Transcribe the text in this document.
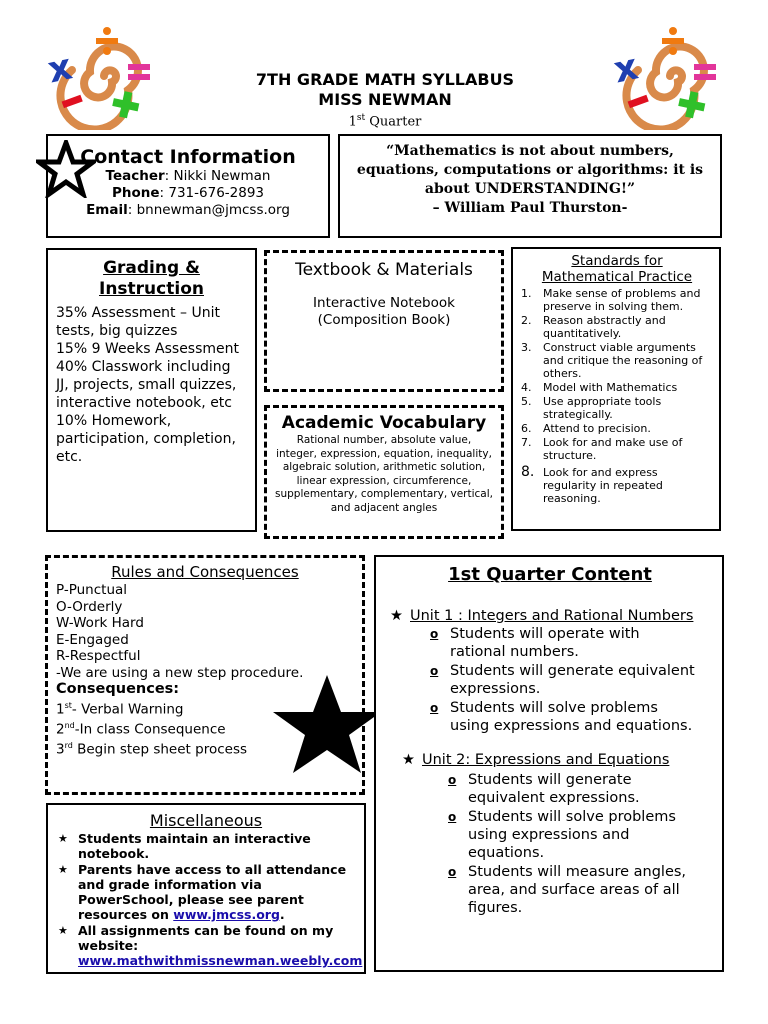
x	x
7TH GRADE MATH SYLLABUS
MISS NEWMAN
1st Quarter
Contact Information
Teacher: Nikki Newman
Phone: 731-676-2893
Email: bnnewman@jmcss.org
“Mathematics is not about numbers, equations, computations or algorithms: it is about UNDERSTANDING!”
– William Paul Thurston-
Grading & Instruction
35% Assessment – Unit tests, big quizzes
15% 9 Weeks Assessment
40% Classwork including JJ, projects, small quizzes, interactive notebook, etc
10% Homework, participation, completion, etc.
Textbook & Materials
Interactive Notebook
(Composition Book)
Academic Vocabulary
Rational number, absolute value, integer, expression, equation, inequality, algebraic solution, arithmetic solution, linear expression, circumference, supplementary, complementary, vertical, and adjacent angles
Standards for
Mathematical Practice
1. Make sense of problems and preserve in solving them.
2. Reason abstractly and quantitatively.
3. Construct viable arguments and critique the reasoning of others.
4. Model with Mathematics
5. Use appropriate tools strategically.
6. Attend to precision.
7. Look for and make use of structure.
8. Look for and express regularity in repeated reasoning.
Rules and Consequences
P-Punctual
O-Orderly
W-Work Hard
E-Engaged
R-Respectful
-We are using a new step procedure.
Consequences:
1st- Verbal Warning
2nd-In class Consequence
3rd Begin step sheet process
Miscellaneous
★ Students maintain an interactive notebook.
★ Parents have access to all attendance and grade information via PowerSchool, please see parent resources on www.jmcss.org.
★ All assignments can be found on my website: www.mathwithmissnewman.weebly.com
1st Quarter Content
★ Unit 1 : Integers and Rational Numbers
o Students will operate with rational numbers.
o Students will generate equivalent expressions.
o Students will solve problems using expressions and equations.
★ Unit 2: Expressions and Equations
o Students will generate equivalent expressions.
o Students will solve problems using expressions and equations.
o Students will measure angles, area, and surface areas of all figures.
